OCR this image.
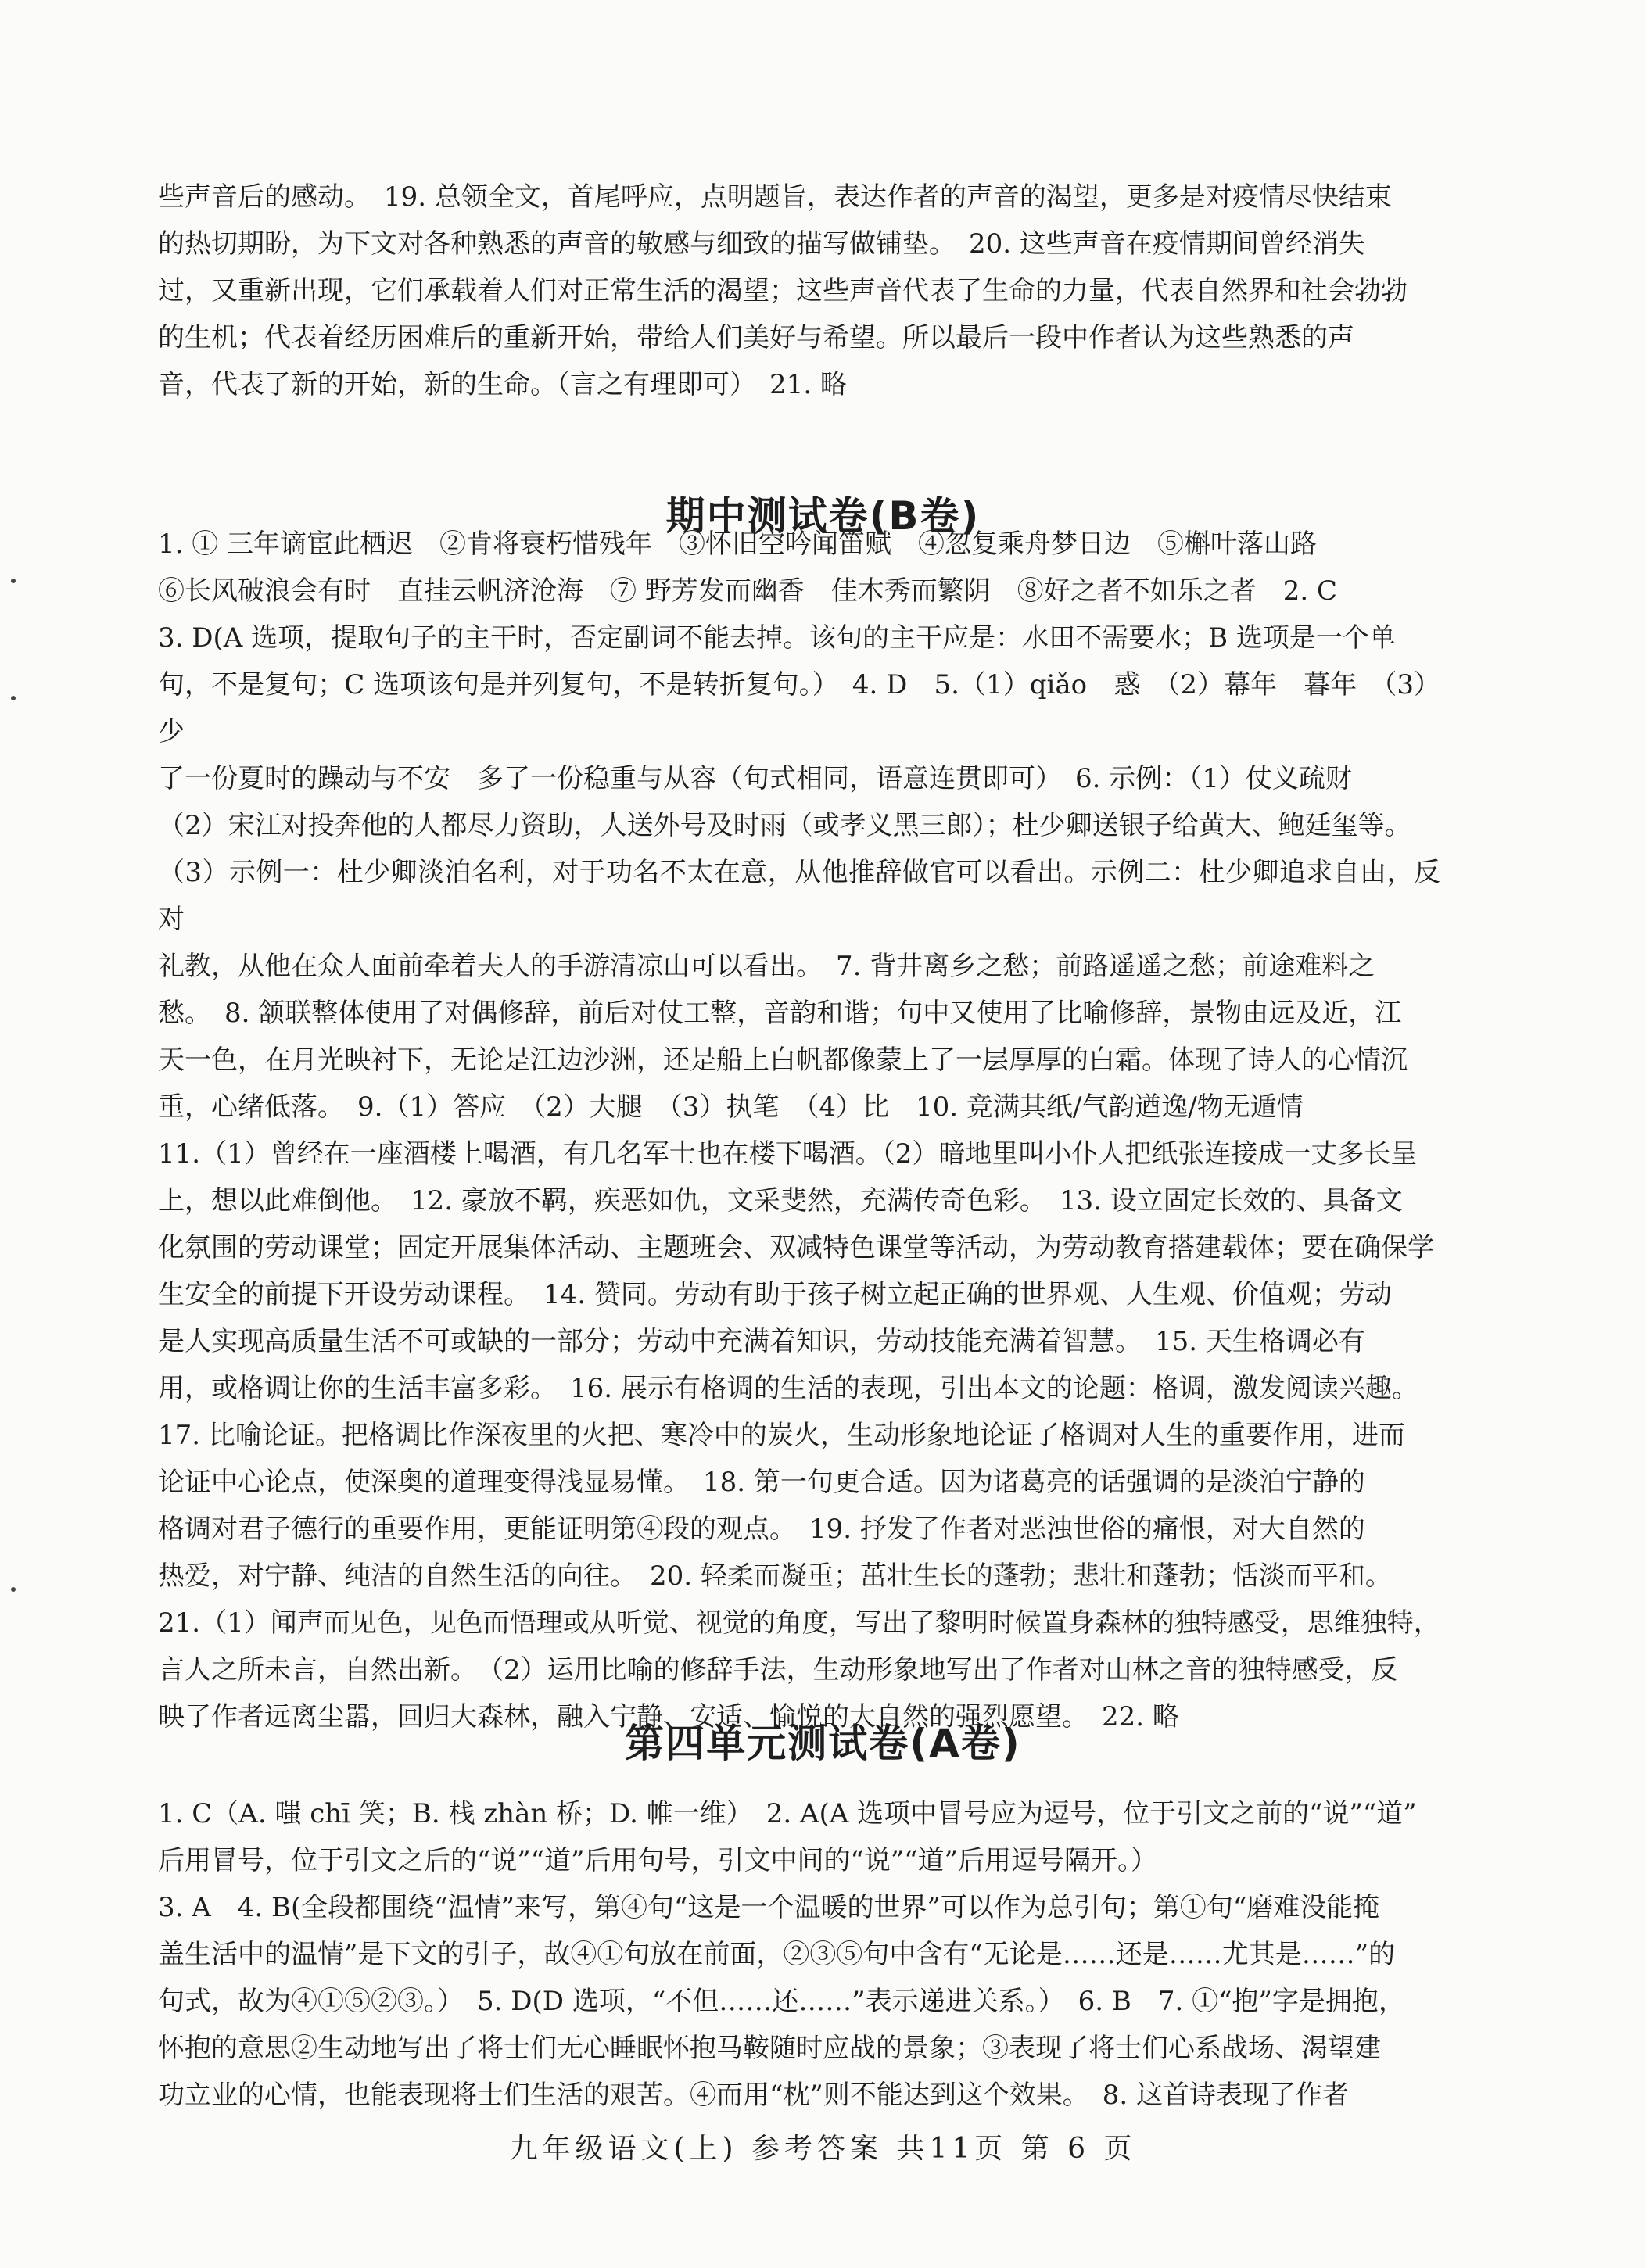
些声音后的感动。　19. 总领全文，首尾呼应，点明题旨，表达作者的声音的渴望，更多是对疫情尽快结束

的热切期盼，为下文对各种熟悉的声音的敏感与细致的描写做铺垫。　20. 这些声音在疫情期间曾经消失

过，又重新出现，它们承载着人们对正常生活的渴望；这些声音代表了生命的力量，代表自然界和社会勃勃

的生机；代表着经历困难后的重新开始，带给人们美好与希望。所以最后一段中作者认为这些熟悉的声

音，代表了新的开始，新的生命。（言之有理即可）　21. 略

期中测试卷(B卷)

1. ① 三年谪宦此栖迟　②肯将衰朽惜残年　③怀旧空吟闻笛赋　④忽复乘舟梦日边　⑤槲叶落山路

⑥长风破浪会有时　直挂云帆济沧海　⑦ 野芳发而幽香　佳木秀而繁阴　⑧好之者不如乐之者　2. C

3. D(A 选项，提取句子的主干时，否定副词不能去掉。该句的主干应是：水田不需要水；B 选项是一个单

句，不是复句；C 选项该句是并列复句，不是转折复句。）　4. D　5.（1）qiǎo　惑　（2）幕年　暮年　（3）少

了一份夏时的躁动与不安　多了一份稳重与从容（句式相同，语意连贯即可）　6. 示例：（1）仗义疏财

（2）宋江对投奔他的人都尽力资助，人送外号及时雨（或孝义黑三郎）；杜少卿送银子给黄大、鲍廷玺等。

（3）示例一：杜少卿淡泊名利，对于功名不太在意，从他推辞做官可以看出。示例二：杜少卿追求自由，反对

礼教，从他在众人面前牵着夫人的手游清凉山可以看出。　7. 背井离乡之愁；前路遥遥之愁；前途难料之

愁。　8. 颔联整体使用了对偶修辞，前后对仗工整，音韵和谐；句中又使用了比喻修辞，景物由远及近，江

天一色，在月光映衬下，无论是江边沙洲，还是船上白帆都像蒙上了一层厚厚的白霜。体现了诗人的心情沉

重，心绪低落。　9.（1）答应　（2）大腿　（3）执笔　（4）比　10. 竞满其纸/气韵遒逸/物无遁情

11.（1）曾经在一座酒楼上喝酒，有几名军士也在楼下喝酒。（2）暗地里叫小仆人把纸张连接成一丈多长呈

上，想以此难倒他。　12. 豪放不羁，疾恶如仇，文采斐然，充满传奇色彩。　13. 设立固定长效的、具备文

化氛围的劳动课堂；固定开展集体活动、主题班会、双减特色课堂等活动，为劳动教育搭建载体；要在确保学

生安全的前提下开设劳动课程。　14. 赞同。劳动有助于孩子树立起正确的世界观、人生观、价值观；劳动

是人实现高质量生活不可或缺的一部分；劳动中充满着知识，劳动技能充满着智慧。　15. 天生格调必有

用，或格调让你的生活丰富多彩。　16. 展示有格调的生活的表现，引出本文的论题：格调，激发阅读兴趣。

17. 比喻论证。把格调比作深夜里的火把、寒冷中的炭火，生动形象地论证了格调对人生的重要作用，进而

论证中心论点，使深奥的道理变得浅显易懂。　18. 第一句更合适。因为诸葛亮的话强调的是淡泊宁静的

格调对君子德行的重要作用，更能证明第④段的观点。　19. 抒发了作者对恶浊世俗的痛恨，对大自然的

热爱，对宁静、纯洁的自然生活的向往。　20. 轻柔而凝重；茁壮生长的蓬勃；悲壮和蓬勃；恬淡而平和。

21.（1）闻声而见色，见色而悟理或从听觉、视觉的角度，写出了黎明时候置身森林的独特感受，思维独特，

言人之所未言，自然出新。　（2）运用比喻的修辞手法，生动形象地写出了作者对山林之音的独特感受，反

映了作者远离尘嚣，回归大森林，融入宁静、安适、愉悦的大自然的强烈愿望。　22. 略

第四单元测试卷(A卷)

1. C（A. 嗤 chī 笑；B. 栈 zhàn 桥；D. 帷一维）　2. A(A 选项中冒号应为逗号，位于引文之前的“说”“道”

后用冒号，位于引文之后的“说”“道”后用句号，引文中间的“说”“道”后用逗号隔开。）

3. A　4. B(全段都围绕“温情”来写，第④句“这是一个温暖的世界”可以作为总引句；第①句“磨难没能掩

盖生活中的温情”是下文的引子，故④①句放在前面，②③⑤句中含有“无论是……还是……尤其是……”的

句式，故为④①⑤②③。）　5. D(D 选项，“不但……还……”表示递进关系。）　6. B　7. ①“抱”字是拥抱，

怀抱的意思②生动地写出了将士们无心睡眠怀抱马鞍随时应战的景象；③表现了将士们心系战场、渴望建

功立业的心情，也能表现将士们生活的艰苦。④而用“枕”则不能达到这个效果。　8. 这首诗表现了作者

九年级语文(上) 参考答案 共11页 第 6 页
